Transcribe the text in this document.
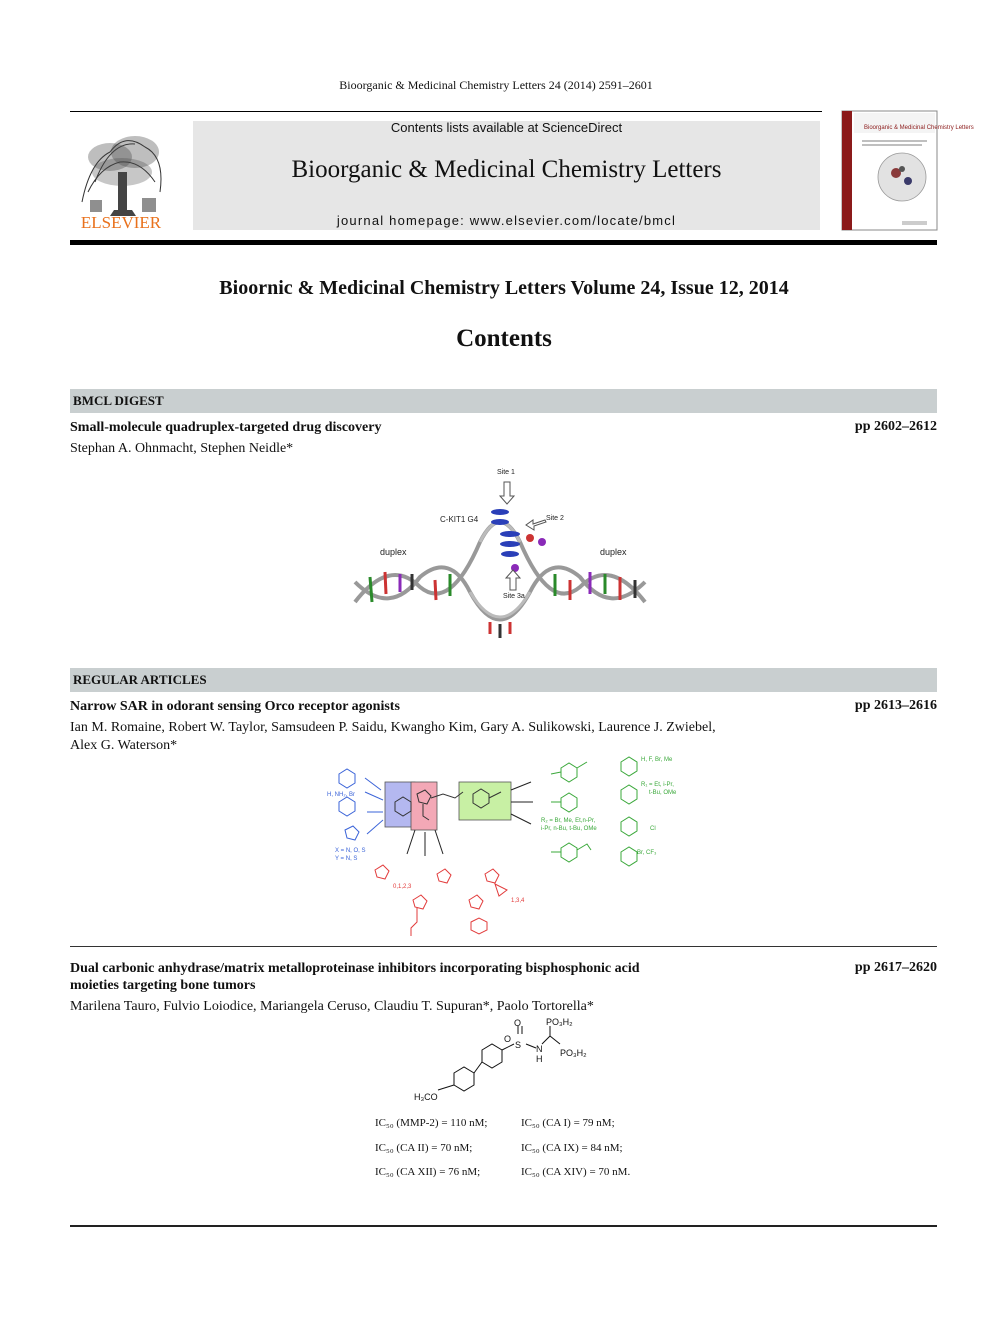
Bioorganic & Medicinal Chemistry Letters 24 (2014) 2591–2601
ELSEVIER
Contents lists available at ScienceDirect
Bioorganic & Medicinal Chemistry Letters
journal homepage: www.elsevier.com/locate/bmcl
Bioorganic & Medicinal Chemistry Letters
Bioornic & Medicinal Chemistry Letters Volume 24, Issue 12, 2014
Contents
BMCL DIGEST
Small-molecule quadruplex-targeted drug discovery	pp 2602–2612
Stephan A. Ohnmacht, Stephen Neidle*
Site 1
Site 2
Site 3a
C-KIT1 G4
duplex	duplex
REGULAR ARTICLES
Narrow SAR in odorant sensing Orco receptor agonists	pp 2613–2616
Ian M. Romaine, Robert W. Taylor, Samsudeen P. Saidu, Kwangho Kim, Gary A. Sulikowski, Laurence J. Zwiebel,
Alex G. Waterson*
H, NH₂, Br
X = N, O, S
Y = N, S
0,1,2,3
1,3,4
H, F, Br, Me
R₁ = Et, i-Pr,
t-Bu, OMe
R₂ = Br, Me, Et,n-Pr,
i-Pr, n-Bu, t-Bu, OMe	Cl
Br, CF₃
Dual carbonic anhydrase/matrix metalloproteinase inhibitors incorporating bisphosphonic acid
moieties targeting bone tumors
pp 2617–2620
Marilena Tauro, Fulvio Loiodice, Mariangela Ceruso, Claudiu T. Supuran*, Paolo Tortorella*
O
S
O
N
H
PO₃H₂
PO₃H₂
H₃CO
IC₅₀ (MMP-2) = 110 nM;	IC₅₀ (CA I) = 79 nM;
IC₅₀ (CA II) = 70 nM;	IC₅₀ (CA IX) = 84 nM;
IC₅₀ (CA XII) = 76 nM;	IC₅₀ (CA XIV) = 70 nM.
